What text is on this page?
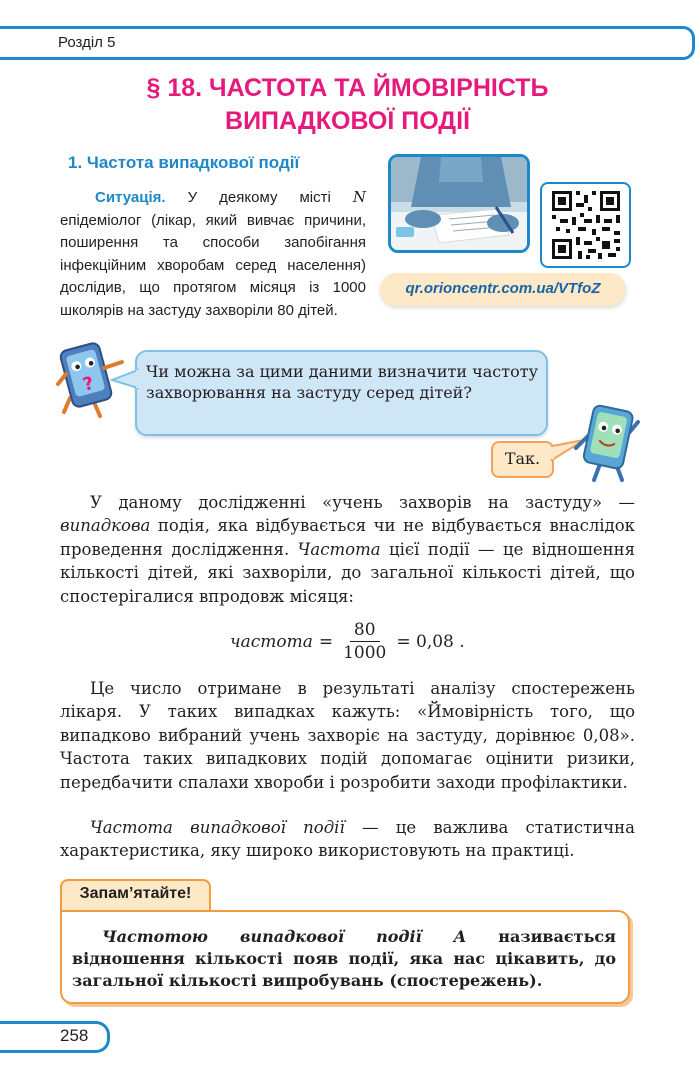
Розділ 5
§ 18. ЧАСТОТА ТА ЙМОВІРНІСТЬ
ВИПАДКОВОЇ ПОДІЇ
1. Частота випадкової події
Ситуація. У деякому місті N епідеміолог (лікар, який вивчає причини, поширення та способи запобігання інфекційним хворобам серед населення) дослідив, що протягом місяця із 1000 школярів на застуду захворіли 80 дітей.
qr.orioncentr.com.ua/VTfoZ
?
Чи можна за цими даними визначити частоту захворювання на застуду серед дітей?
Так.
У даному дослідженні «учень захворів на застуду» — випадкова подія, яка відбувається чи не відбувається внаслідок проведення дослідження. Частота цієї події — це відношення кількості дітей, які захворіли, до загальної кількості дітей, що спостерігалися впродовж місяця:
частота = $\frac{80}{1000} = 0,08$ .
Це число отримане в результаті аналізу спостережень лікаря. У таких випадках кажуть: «Ймовірність того, що випадково вибраний учень захворіє на застуду, дорівнює 0,08». Частота таких випадкових подій допомагає оцінити ризики, передбачити спалахи хвороби і розробити заходи профілактики.
Частота випадкової події — це важлива статистична характеристика, яку широко використовують на практиці.
Запам’ятайте!
Частотою випадкової події A називається відношення кількості появ події, яка нас цікавить, до загальної кількості випробувань (спостережень).
258
